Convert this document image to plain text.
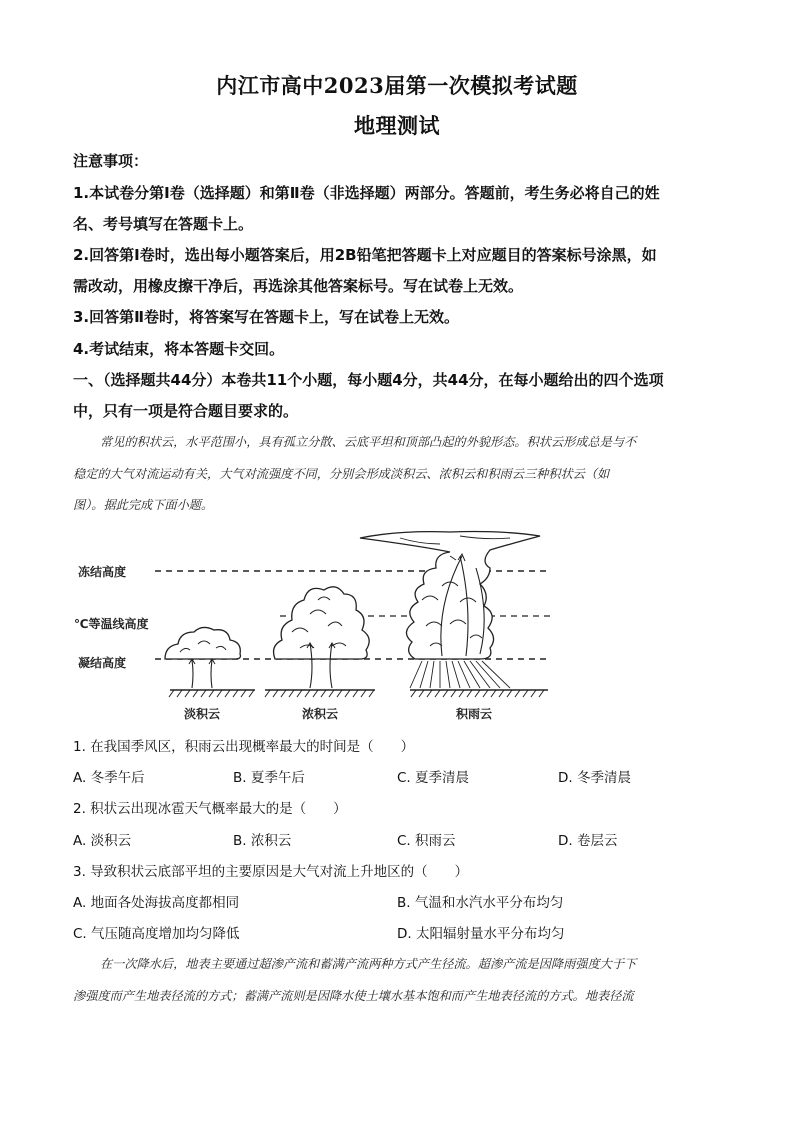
内江市高中2023届第一次模拟考试题
地理测试
注意事项：
1.本试卷分第Ⅰ卷（选择题）和第Ⅱ卷（非选择题）两部分。答题前，考生务必将自己的姓
名、考号填写在答题卡上。
2.回答第Ⅰ卷时，选出每小题答案后，用2B铅笔把答题卡上对应题目的答案标号涂黑，如
需改动，用橡皮擦干净后，再选涂其他答案标号。写在试卷上无效。
3.回答第Ⅱ卷时，将答案写在答题卡上，写在试卷上无效。
4.考试结束，将本答题卡交回。
一、（选择题共44分）本卷共11个小题，每小题4分，共44分，在每小题给出的四个选项
中，只有一项是符合题目要求的。
常见的积状云，水平范围小，具有孤立分散、云底平坦和顶部凸起的外貌形态。积状云形成总是与不
稳定的大气对流运动有关，大气对流强度不同，分别会形成淡积云、浓积云和积雨云三种积状云（如
图）。据此完成下面小题。
冻结高度
℃等温线高度
凝结高度
淡积云	浓积云	积雨云
1. 在我国季风区，积雨云出现概率最大的时间是（　　）
A. 冬季午后	B. 夏季午后	C. 夏季清晨	D. 冬季清晨
2. 积状云出现冰雹天气概率最大的是（　　）
A. 淡积云	B. 浓积云	C. 积雨云	D. 卷层云
3. 导致积状云底部平坦的主要原因是大气对流上升地区的（　　）
A. 地面各处海拔高度都相同	B. 气温和水汽水平分布均匀
C. 气压随高度增加均匀降低	D. 太阳辐射量水平分布均匀
在一次降水后，地表主要通过超渗产流和蓄满产流两种方式产生径流。超渗产流是因降雨强度大于下
渗强度而产生地表径流的方式；蓄满产流则是因降水使土壤水基本饱和而产生地表径流的方式。地表径流
